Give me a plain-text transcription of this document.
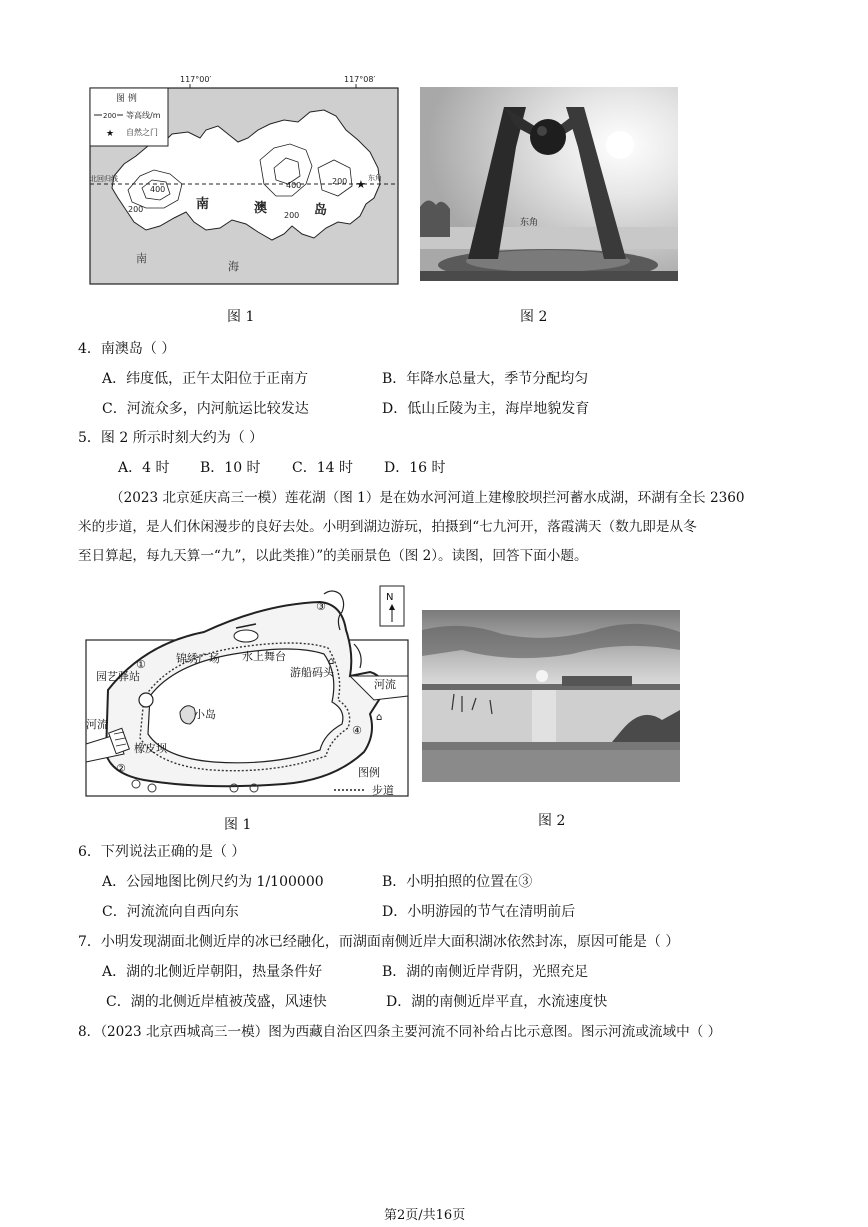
117°00′	117°08′
北回归线	★ 东角
400
200
400
200
200
南	澳	岛
南
海
图 例
200 等高线/m
★ 自然之门
东角
图 1	图 2
4．南澳岛（ ）
A．纬度低，正午太阳位于正南方	B．年降水总量大，季节分配均匀
C．河流众多，内河航运比较发达	D．低山丘陵为主，海岸地貌发育
5．图 2 所示时刻大约为（ ）
A．4 时 B．10 时 C．14 时 D．16 时
（2023 北京延庆高三一模）莲花湖（图 1）是在妫水河河道上建橡胶坝拦河蓄水成湖，环湖有全长 2360
米的步道，是人们休闲漫步的良好去处。小明到湖边游玩，拍摄到“七九河开，落霞满天（数九即是从冬
至日算起，每九天算一“九”，以此类推）”的美丽景色（图 2）。读图，回答下面小题。
N
⌂
⌂
①
②
③
④
园艺驿站
锦绣广场 水上舞台
游船码头
河流
河流
小岛
橡皮坝
图例
步道
图 1	图 2
6．下列说法正确的是（ ）
A．公园地图比例尺约为 1/100000	B．小明拍照的位置在③
C．河流流向自西向东	D．小明游园的节气在清明前后
7．小明发现湖面北侧近岸的冰已经融化，而湖面南侧近岸大面积湖冰依然封冻，原因可能是（ ）
A．湖的北侧近岸朝阳，热量条件好	B．湖的南侧近岸背阴，光照充足
C．湖的北侧近岸植被茂盛，风速快	D．湖的南侧近岸平直，水流速度快
8．（2023 北京西城高三一模）图为西藏自治区四条主要河流不同补给占比示意图。图示河流或流域中（ ）
第2页/共16页
